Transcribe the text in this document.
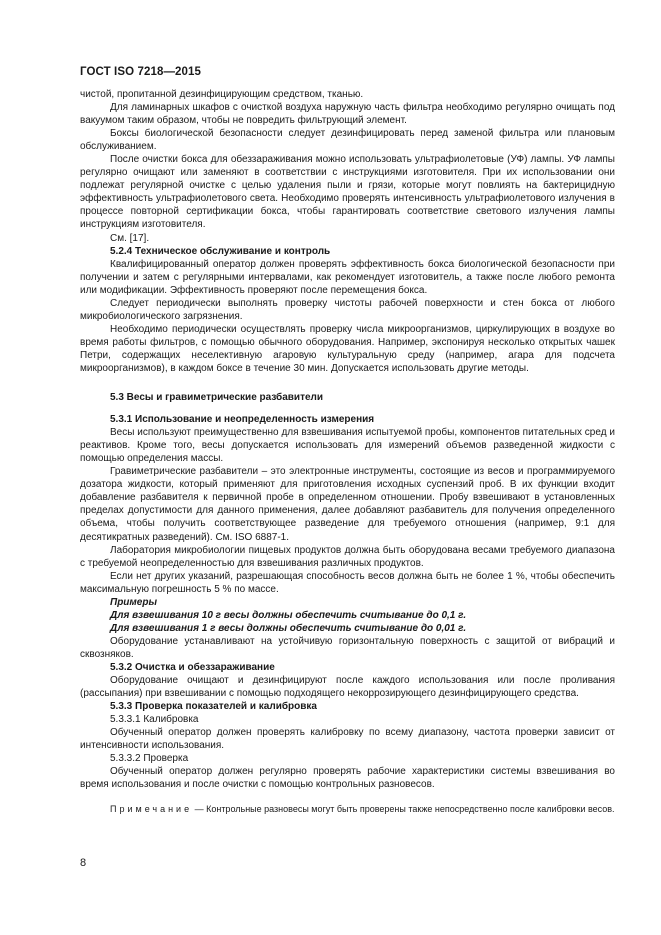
ГОСТ ISO 7218—2015

чистой, пропитанной дезинфицирующим средством, тканью.

Для ламинарных шкафов с очисткой воздуха наружную часть фильтра необходимо регулярно очищать под вакуумом таким образом, чтобы не повредить фильтрующий элемент.

Боксы биологической безопасности следует дезинфицировать перед заменой фильтра или плановым обслуживанием.

После очистки бокса для обеззараживания можно использовать ультрафиолетовые (УФ) лампы. УФ лампы регулярно очищают или заменяют в соответствии с инструкциями изготовителя. При их использовании они подлежат регулярной очистке с целью удаления пыли и грязи, которые могут повлиять на бактерицидную эффективность ультрафиолетового света. Необходимо проверять интенсивность ультрафиолетового излучения в процессе повторной сертификации бокса, чтобы гарантировать соответствие светового излучения лампы инструкциям изготовителя.

См. [17].

5.2.4 Техническое обслуживание и контроль

Квалифицированный оператор должен проверять эффективность бокса биологической безопасности при получении и затем с регулярными интервалами, как рекомендует изготовитель, а также после любого ремонта или модификации. Эффективность проверяют после перемещения бокса.

Следует периодически выполнять проверку чистоты рабочей поверхности и стен бокса от любого микробиологического загрязнения.

Необходимо периодически осуществлять проверку числа микроорганизмов, циркулирующих в воздухе во время работы фильтров, с помощью обычного оборудования. Например, экспонируя несколько открытых чашек Петри, содержащих неселективную агаровую культуральную среду (например, агара для подсчета микроорганизмов), в каждом боксе в течение 30 мин. Допускается использовать другие методы.

5.3 Весы и гравиметрические разбавители

5.3.1 Использование и неопределенность измерения

Весы используют преимущественно для взвешивания испытуемой пробы, компонентов питательных сред и реактивов. Кроме того, весы допускается использовать для измерений объемов разведенной жидкости с помощью определения массы.

Гравиметрические разбавители – это электронные инструменты, состоящие из весов и программируемого дозатора жидкости, который применяют для приготовления исходных суспензий проб. В их функции входит добавление разбавителя к первичной пробе в определенном отношении. Пробу взвешивают в установленных пределах допустимости для данного применения, далее добавляют разбавитель для получения определенного объема, чтобы получить соответствующее разведение для требуемого отношения (например, 9:1 для десятикратных разведений). См. ISO 6887-1.

Лаборатория микробиологии пищевых продуктов должна быть оборудована весами требуемого диапазона с требуемой неопределенностью для взвешивания различных продуктов.

Если нет других указаний, разрешающая способность весов должна быть не более 1 %, чтобы обеспечить максимальную погрешность 5 % по массе.

Примеры

Для взвешивания 10 г весы должны обеспечить считывание до 0,1 г.

Для взвешивания 1 г весы должны обеспечить считывание до 0,01 г.

Оборудование устанавливают на устойчивую горизонтальную поверхность с защитой от вибраций и сквозняков.

5.3.2 Очистка и обеззараживание

Оборудование очищают и дезинфицируют после каждого использования или после проливания (рассыпания) при взвешивании с помощью подходящего некоррозирующего дезинфицирующего средства.

5.3.3 Проверка показателей и калибровка

5.3.3.1 Калибровка

Обученный оператор должен проверять калибровку по всему диапазону, частота проверки зависит от интенсивности использования.

5.3.3.2 Проверка

Обученный оператор должен регулярно проверять рабочие характеристики системы взвешивания во время использования и после очистки с помощью контрольных разновесов.

Примечание — Контрольные разновесы могут быть проверены также непосредственно после калибровки весов.

8
